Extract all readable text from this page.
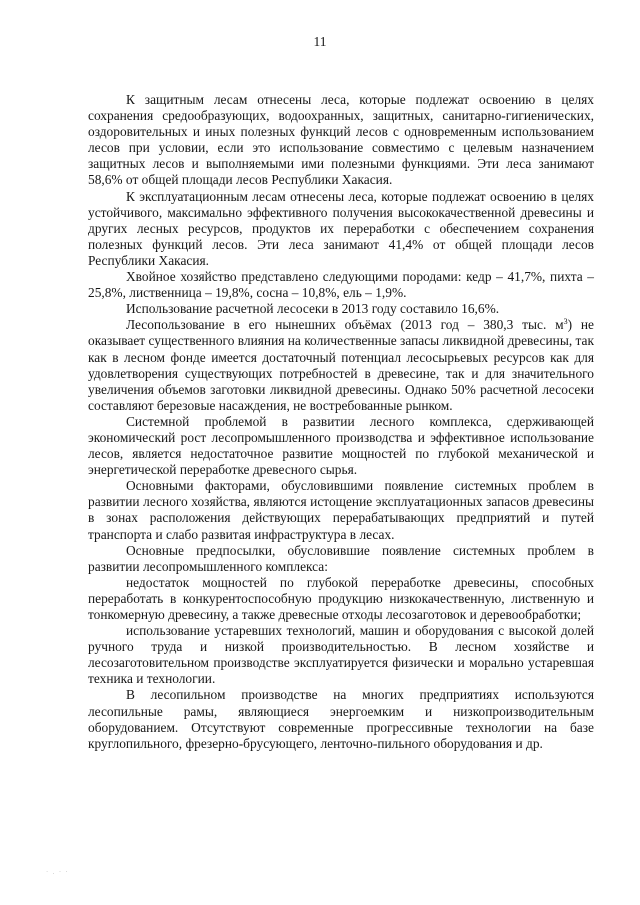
11

К защитным лесам отнесены леса, которые подлежат освоению в целях сохранения средообразующих, водоохранных, защитных, санитарно-гигиенических, оздоровительных и иных полезных функций лесов с одновременным использованием лесов при условии, если это использование совместимо с целевым назначением защитных лесов и выполняемыми ими полезными функциями. Эти леса занимают 58,6% от общей площади лесов Республики Хакасия.

К эксплуатационным лесам отнесены леса, которые подлежат освоению в целях устойчивого, максимально эффективного получения высококачественной древесины и других лесных ресурсов, продуктов их переработки с обеспечением сохранения полезных функций лесов. Эти леса занимают 41,4% от общей площади лесов Республики Хакасия.

Хвойное хозяйство представлено следующими породами: кедр – 41,7%, пихта – 25,8%, лиственница – 19,8%, сосна – 10,8%, ель – 1,9%.

Использование расчетной лесосеки в 2013 году составило 16,6%.

Лесопользование в его нынешних объёмах (2013 год – 380,3 тыс. $м^3$) не оказывает существенного влияния на количественные запасы ликвидной древесины, так как в лесном фонде имеется достаточный потенциал лесосырьевых ресурсов как для удовлетворения существующих потребностей в древесине, так и для значительного увеличения объемов заготовки ликвидной древесины. Однако 50% расчетной лесосеки составляют березовые насаждения, не востребованные рынком.

Системной проблемой в развитии лесного комплекса, сдерживающей экономический рост лесопромышленного производства и эффективное использование лесов, является недостаточное развитие мощностей по глубокой механической и энергетической переработке древесного сырья.

Основными факторами, обусловившими появление системных проблем в развитии лесного хозяйства, являются истощение эксплуатационных запасов древесины в зонах расположения действующих перерабатывающих предприятий и путей транспорта и слабо развитая инфраструктура в лесах.

Основные предпосылки, обусловившие появление системных проблем в развитии лесопромышленного комплекса:

недостаток мощностей по глубокой переработке древесины, способных переработать в конкурентоспособную продукцию низкокачественную, лиственную и тонкомерную древесину, а также древесные отходы лесозаготовок и деревообработки;

использование устаревших технологий, машин и оборудования с высокой долей ручного труда и низкой производительностью. В лесном хозяйстве и лесозаготовительном производстве эксплуатируется физически и морально устаревшая техника и технологии.

В лесопильном производстве на многих предприятиях используются лесопильные рамы, являющиеся энергоемким и низкопроизводительным оборудованием. Отсутствуют современные прогрессивные технологии на базе круглопильного, фрезерно-брусующего, ленточно-пильного оборудования и др.

· . · ·
